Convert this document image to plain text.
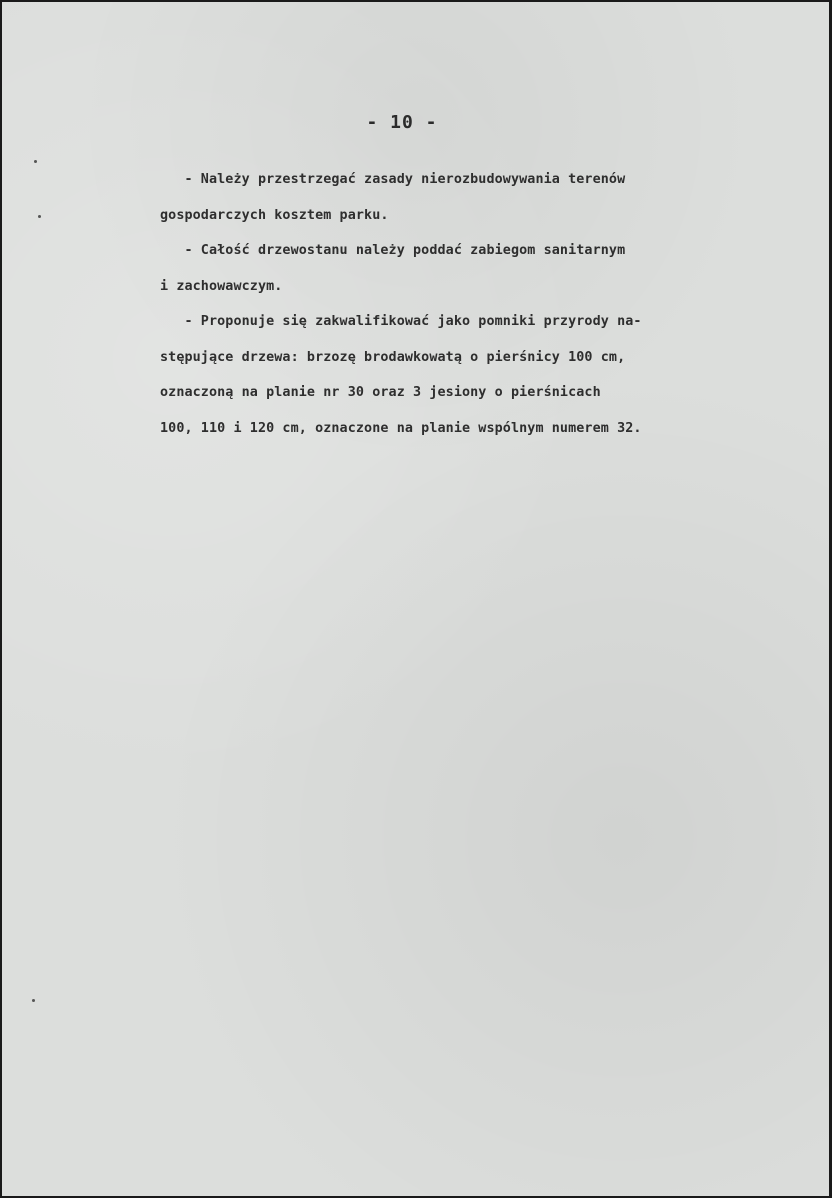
- 10 -
- Należy przestrzegać zasady nierozbudowywania terenów
gospodarczych kosztem parku.
- Całość drzewostanu należy poddać zabiegom sanitarnym
i zachowawczym.
- Proponuje się zakwalifikować jako pomniki przyrody na-
stępujące drzewa: brzozę brodawkowatą o pierśnicy 100 cm,
oznaczoną na planie nr 30 oraz 3 jesiony o pierśnicach
100, 110 i 120 cm, oznaczone na planie wspólnym numerem 32.
